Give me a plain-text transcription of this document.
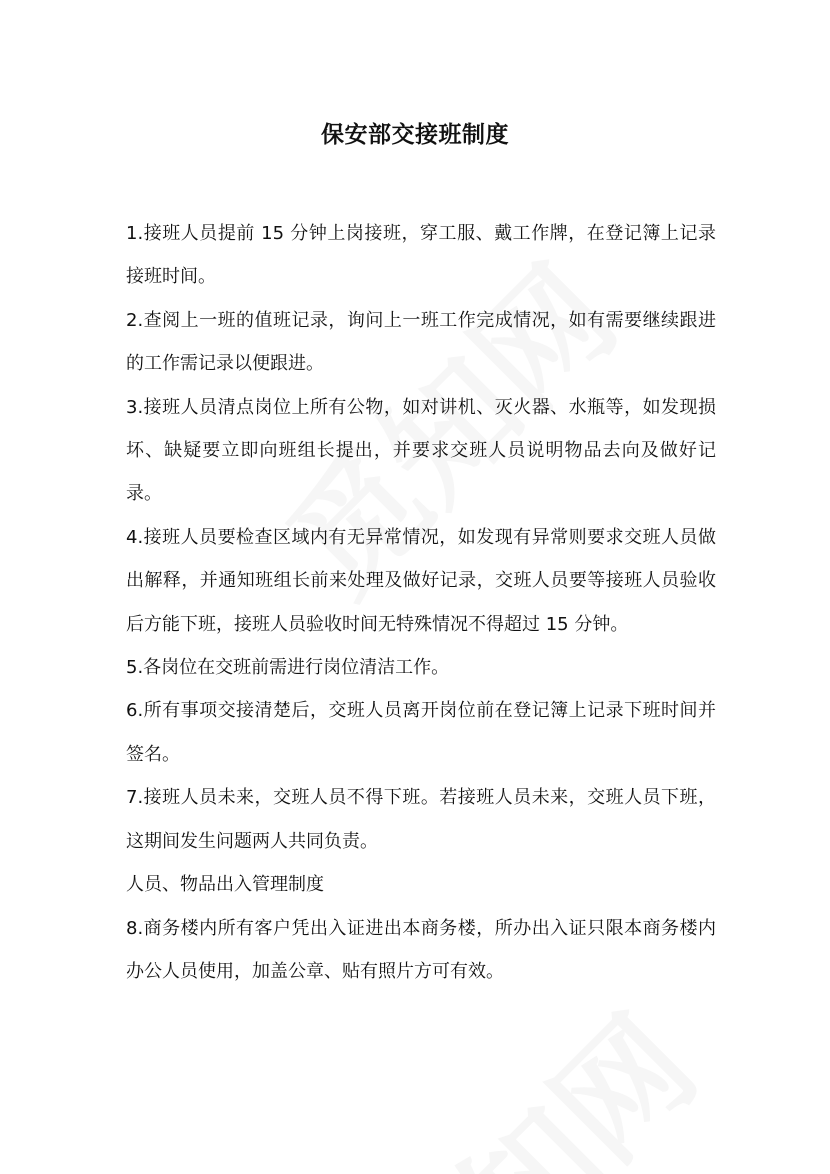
保安部交接班制度

1.接班人员提前 15 分钟上岗接班，穿工服、戴工作牌，在登记簿上记录接班时间。

2.查阅上一班的值班记录，询问上一班工作完成情况，如有需要继续跟进的工作需记录以便跟进。

3.接班人员清点岗位上所有公物，如对讲机、灭火器、水瓶等，如发现损坏、缺疑要立即向班组长提出，并要求交班人员说明物品去向及做好记录。

4.接班人员要检查区域内有无异常情况，如发现有异常则要求交班人员做出解释，并通知班组长前来处理及做好记录，交班人员要等接班人员验收后方能下班，接班人员验收时间无特殊情况不得超过 15 分钟。

5.各岗位在交班前需进行岗位清洁工作。

6.所有事项交接清楚后，交班人员离开岗位前在登记簿上记录下班时间并签名。

7.接班人员未来，交班人员不得下班。若接班人员未来，交班人员下班，这期间发生问题两人共同负责。

人员、物品出入管理制度

8.商务楼内所有客户凭出入证进出本商务楼，所办出入证只限本商务楼内办公人员使用，加盖公章、贴有照片方可有效。
